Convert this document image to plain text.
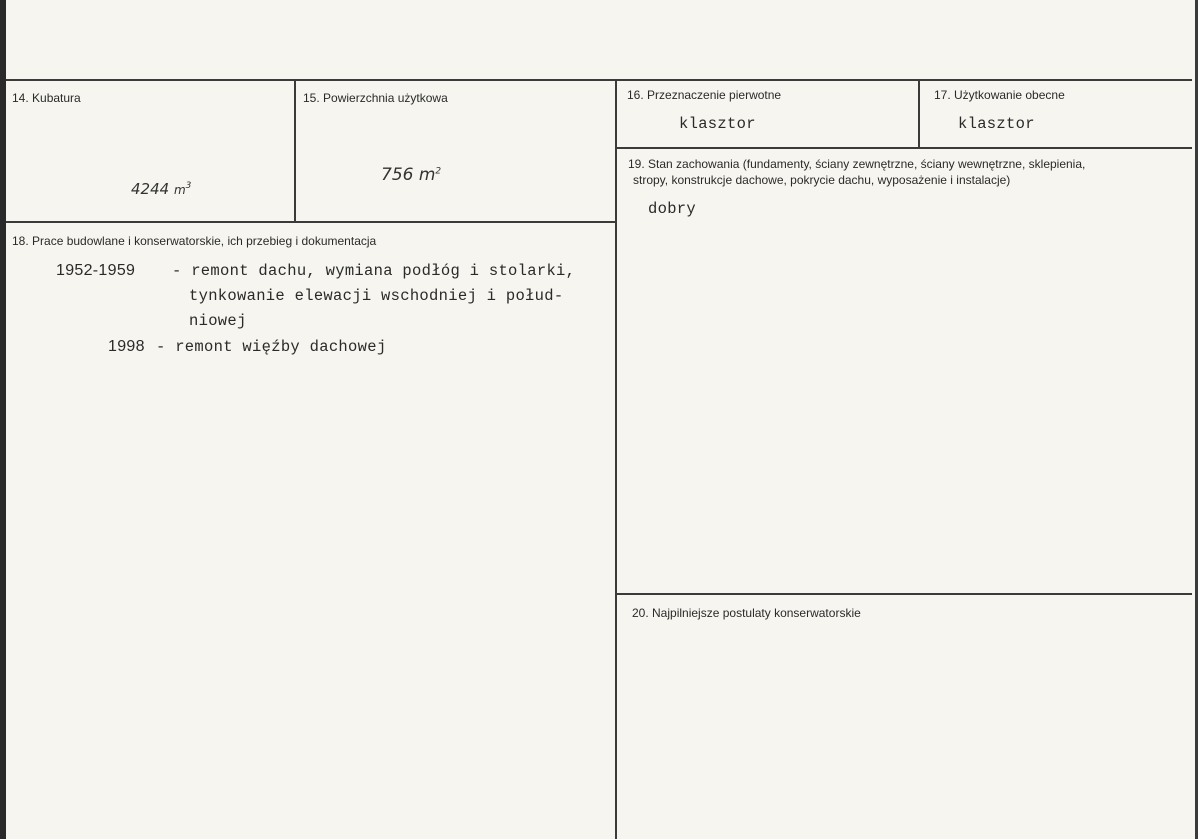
14. Kubatura
4244 $m^3$
15. Powierzchnia użytkowa
756 $m^2$
16. Przeznaczenie pierwotne
klasztor
17. Użytkowanie obecne
klasztor
18. Prace budowlane i konserwatorskie, ich przebieg i dokumentacja
1952-1959 - remont dachu, wymiana podłóg i stolarki,
tynkowanie elewacji wschodniej i połud-
niowej
1998 - remont więźby dachowej
19. Stan zachowania (fundamenty, ściany zewnętrzne, ściany wewnętrzne, sklepienia,
stropy, konstrukcje dachowe, pokrycie dachu, wyposażenie i instalacje)
dobry
20. Najpilniejsze postulaty konserwatorskie
